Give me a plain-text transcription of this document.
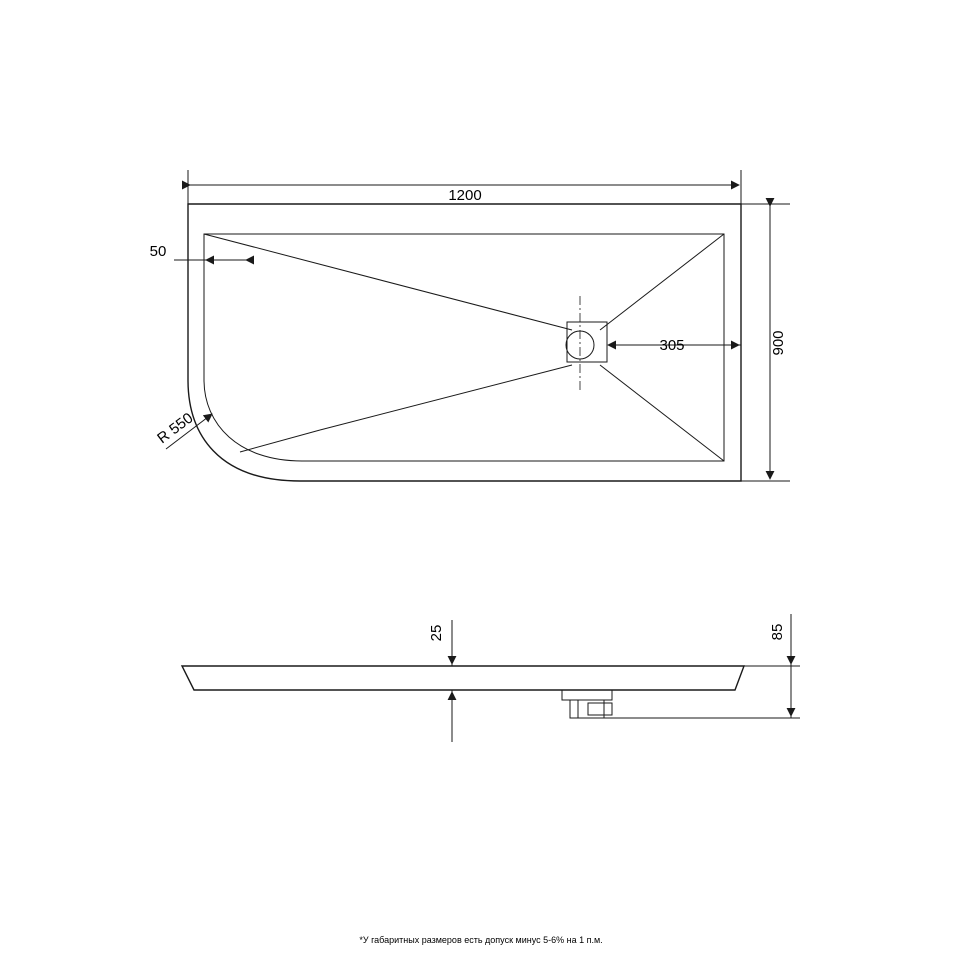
1200
900
50
305
R 550
25	85
*У габаритных размеров есть допуск минус 5-6% на 1 п.м.
